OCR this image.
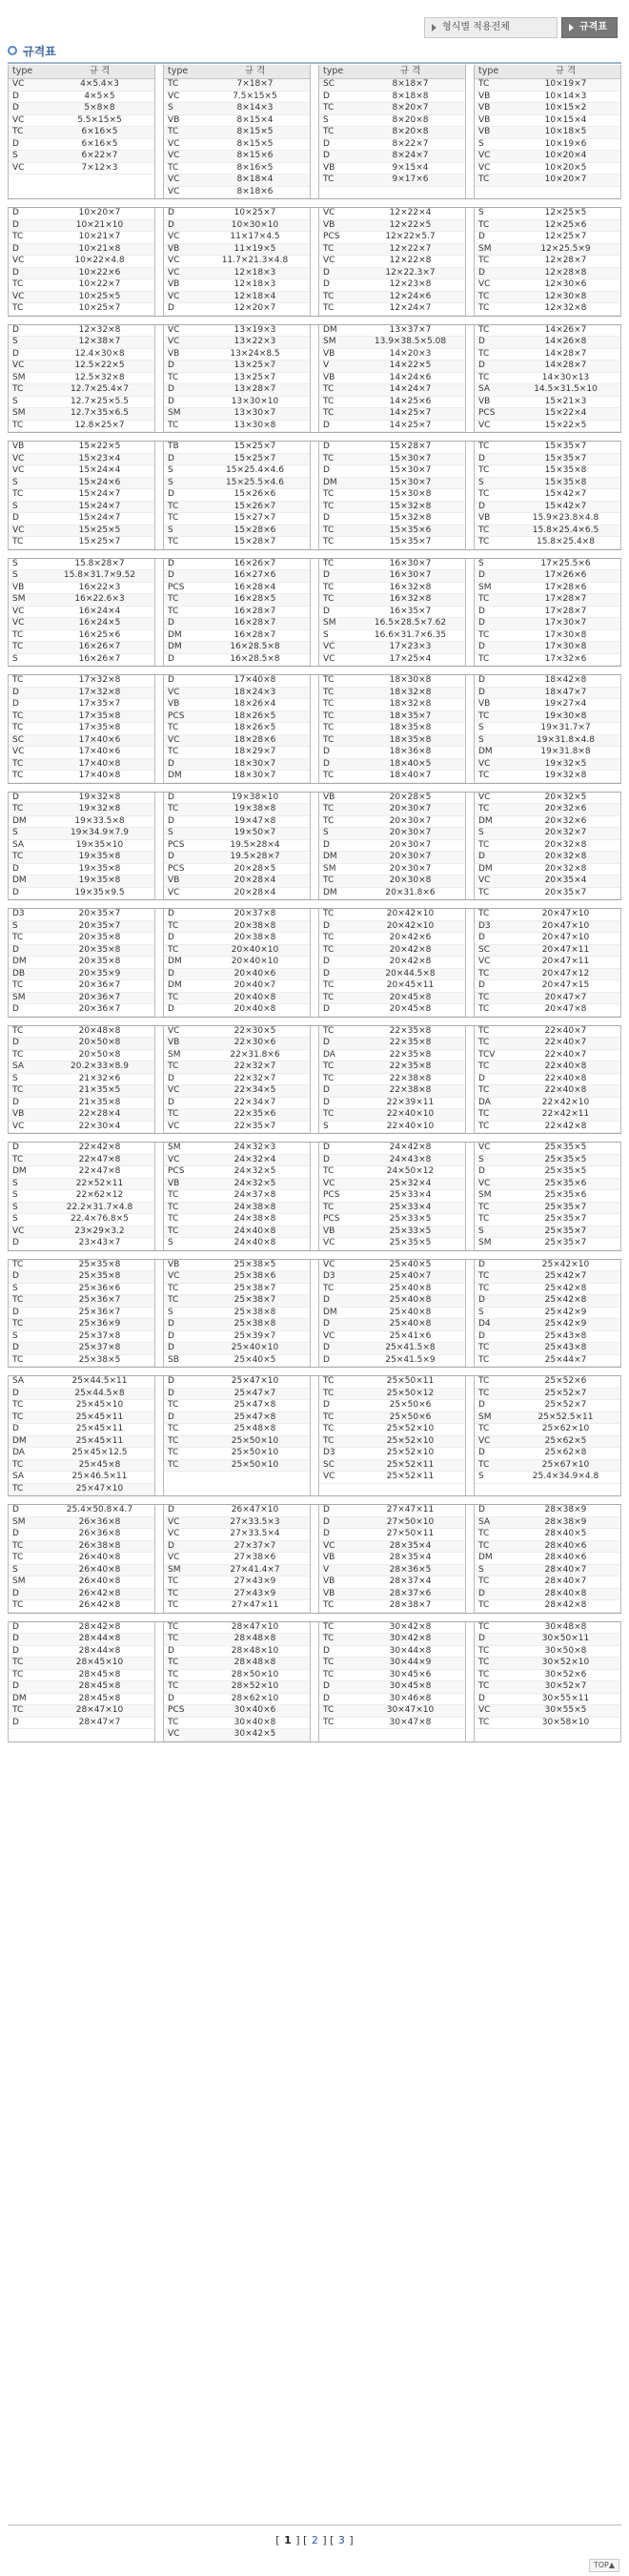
형식별 적용전체	규격표
규격표
type	규 격
VC	4×5.4×3
D	4×5×5
D	5×8×8
VC	5.5×15×5
TC	6×16×5
D	6×16×5
S	6×22×7
VC	7×12×3
type	규 격
TC	7×18×7
VC	7.5×15×5
S	8×14×3
VB	8×15×4
TC	8×15×5
VC	8×15×5
VC	8×15×6
TC	8×16×5
VC	8×18×4
VC	8×18×6
type	규 격
SC	8×18×7
D	8×18×8
TC	8×20×7
S	8×20×8
TC	8×20×8
D	8×22×7
D	8×24×7
VB	9×15×4
TC	9×17×6
type	규 격
TC	10×19×7
VB	10×14×3
VB	10×15×2
VB	10×15×4
VB	10×18×5
S	10×19×6
VC	10×20×4
VC	10×20×5
TC	10×20×7
D	10×20×7
D	10×21×10
TC	10×21×7
D	10×21×8
VC	10×22×4.8
D	10×22×6
TC	10×22×7
VC	10×25×5
TC	10×25×7
D	10×25×7
D	10×30×10
VC	11×17×4.5
VB	11×19×5
VC	11.7×21.3×4.8
VC	12×18×3
VB	12×18×3
VC	12×18×4
D	12×20×7
VC	12×22×4
VB	12×22×5
PCS	12×22×5.7
TC	12×22×7
VC	12×22×8
D	12×22.3×7
D	12×23×8
TC	12×24×6
TC	12×24×7
S	12×25×5
TC	12×25×6
D	12×25×7
SM	12×25.5×9
TC	12×28×7
D	12×28×8
VC	12×30×6
TC	12×30×8
TC	12×32×8
D	12×32×8
S	12×38×7
D	12.4×30×8
VC	12.5×22×5
SM	12.5×32×8
TC	12.7×25.4×7
S	12.7×25×5.5
SM	12.7×35×6.5
TC	12.8×25×7
VC	13×19×3
VC	13×22×3
VB	13×24×8.5
D	13×25×7
TC	13×25×7
D	13×28×7
D	13×30×10
SM	13×30×7
TC	13×30×8
DM	13×37×7
SM	13.9×38.5×5.08
VB	14×20×3
V	14×22×5
VB	14×24×6
TC	14×24×7
TC	14×25×6
TC	14×25×7
D	14×25×7
TC	14×26×7
D	14×26×8
TC	14×28×7
D	14×28×7
TC	14×30×13
SA	14.5×31.5×10
VB	15×21×3
PCS	15×22×4
VC	15×22×5
VB	15×22×5
VC	15×23×4
VC	15×24×4
S	15×24×6
TC	15×24×7
S	15×24×7
D	15×24×7
VC	15×25×5
TC	15×25×7
TB	15×25×7
D	15×25×7
S	15×25.4×4.6
S	15×25.5×4.6
D	15×26×6
TC	15×26×7
TC	15×27×7
S	15×28×6
TC	15×28×7
D	15×28×7
TC	15×30×7
D	15×30×7
DM	15×30×7
TC	15×30×8
TC	15×32×8
D	15×32×8
TC	15×35×6
TC	15×35×7
TC	15×35×7
D	15×35×7
TC	15×35×8
S	15×35×8
TC	15×42×7
D	15×42×7
VB	15.9×23.8×4.8
TC	15.8×25.4×6.5
TC	15.8×25.4×8
S	15.8×28×7
S	15.8×31.7×9.52
VB	16×22×3
SM	16×22.6×3
VC	16×24×4
VC	16×24×5
TC	16×25×6
TC	16×26×7
S	16×26×7
D	16×26×7
D	16×27×6
PCS	16×28×4
TC	16×28×5
TC	16×28×7
D	16×28×7
DM	16×28×7
DM	16×28.5×8
D	16×28.5×8
TC	16×30×7
D	16×30×7
TC	16×32×8
TC	16×32×8
D	16×35×7
SM	16.5×28.5×7.62
S	16.6×31.7×6.35
VC	17×23×3
VC	17×25×4
S	17×25.5×6
D	17×26×6
SM	17×28×6
TC	17×28×7
D	17×28×7
D	17×30×7
TC	17×30×8
D	17×30×8
TC	17×32×6
TC	17×32×8
D	17×32×8
D	17×35×7
TC	17×35×8
TC	17×35×8
SC	17×40×6
VC	17×40×6
TC	17×40×8
TC	17×40×8
D	17×40×8
VC	18×24×3
VB	18×26×4
PCS	18×26×5
TC	18×26×5
VC	18×28×6
TC	18×29×7
D	18×30×7
DM	18×30×7
TC	18×30×8
TC	18×32×8
TC	18×32×8
TC	18×35×7
TC	18×35×8
TC	18×35×8
D	18×36×8
D	18×40×5
TC	18×40×7
D	18×42×8
D	18×47×7
VB	19×27×4
TC	19×30×8
S	19×31.7×7
S	19×31.8×4.8
DM	19×31.8×8
VC	19×32×5
TC	19×32×8
D	19×32×8
TC	19×32×8
DM	19×33.5×8
S	19×34.9×7.9
SA	19×35×10
TC	19×35×8
D	19×35×8
DM	19×35×8
D	19×35×9.5
D	19×38×10
TC	19×38×8
D	19×47×8
S	19×50×7
PCS	19.5×28×4
D	19.5×28×7
PCS	20×28×5
VB	20×28×4
VC	20×28×4
VB	20×28×5
TC	20×30×7
TC	20×30×7
S	20×30×7
D	20×30×7
DM	20×30×7
SM	20×30×7
TC	20×30×8
DM	20×31.8×6
VC	20×32×5
TC	20×32×6
DM	20×32×6
S	20×32×7
TC	20×32×8
D	20×32×8
DM	20×32×8
VC	20×35×4
TC	20×35×7
D3	20×35×7
S	20×35×7
TC	20×35×8
D	20×35×8
DM	20×35×8
DB	20×35×9
TC	20×36×7
SM	20×36×7
D	20×36×7
D	20×37×8
TC	20×38×8
D	20×38×8
TC	20×40×10
DM	20×40×10
D	20×40×6
DM	20×40×7
TC	20×40×8
D	20×40×8
TC	20×42×10
D	20×42×10
TC	20×42×6
TC	20×42×8
D	20×42×8
D	20×44.5×8
TC	20×45×11
TC	20×45×8
D	20×45×8
TC	20×47×10
D3	20×47×10
D	20×47×10
SC	20×47×11
VC	20×47×11
TC	20×47×12
D	20×47×15
TC	20×47×7
TC	20×47×8
TC	20×48×8
D	20×50×8
TC	20×50×8
SA	20.2×33×8.9
S	21×32×6
TC	21×35×5
D	21×35×8
VB	22×28×4
VC	22×30×4
VC	22×30×5
VB	22×30×6
SM	22×31.8×6
TC	22×32×7
D	22×32×7
VC	22×34×5
D	22×34×7
TC	22×35×6
VC	22×35×7
TC	22×35×8
D	22×35×8
DA	22×35×8
TC	22×35×8
TC	22×38×8
D	22×38×8
D	22×39×11
TC	22×40×10
S	22×40×10
TC	22×40×7
TC	22×40×7
TCV	22×40×7
TC	22×40×8
D	22×40×8
TC	22×40×8
DA	22×42×10
TC	22×42×11
TC	22×42×8
D	22×42×8
TC	22×47×8
DM	22×47×8
S	22×52×11
S	22×62×12
S	22.2×31.7×4.8
S	22.4×76.8×5
VC	23×29×3.2
D	23×43×7
SM	24×32×3
VC	24×32×4
PCS	24×32×5
VB	24×32×5
TC	24×37×8
TC	24×38×8
TC	24×38×8
TC	24×40×8
S	24×40×8
D	24×42×8
D	24×43×8
TC	24×50×12
VC	25×32×4
PCS	25×33×4
TC	25×33×4
PCS	25×33×5
VB	25×33×5
VC	25×35×5
VC	25×35×5
S	25×35×5
D	25×35×5
VC	25×35×6
SM	25×35×6
TC	25×35×7
TC	25×35×7
S	25×35×7
SM	25×35×7
TC	25×35×8
D	25×35×8
S	25×36×6
TC	25×36×7
D	25×36×7
TC	25×36×9
S	25×37×8
D	25×37×8
TC	25×38×5
VB	25×38×5
VC	25×38×6
TC	25×38×7
TC	25×38×7
S	25×38×8
D	25×38×8
D	25×39×7
D	25×40×10
SB	25×40×5
VC	25×40×5
D3	25×40×7
TC	25×40×8
D	25×40×8
DM	25×40×8
D	25×40×8
VC	25×41×6
D	25×41.5×8
D	25×41.5×9
D	25×42×10
TC	25×42×7
TC	25×42×8
D	25×42×8
S	25×42×9
D4	25×42×9
D	25×43×8
TC	25×43×8
TC	25×44×7
SA	25×44.5×11
D	25×44.5×8
TC	25×45×10
TC	25×45×11
D	25×45×11
DM	25×45×11
DA	25×45×12.5
TC	25×45×8
SA	25×46.5×11
TC	25×47×10
D	25×47×10
D	25×47×7
TC	25×47×8
D	25×47×8
TC	25×48×8
TC	25×50×10
TC	25×50×10
TC	25×50×10
TC	25×50×11
TC	25×50×12
D	25×50×6
TC	25×50×6
TC	25×52×10
TC	25×52×10
D3	25×52×10
SC	25×52×11
VC	25×52×11
TC	25×52×6
TC	25×52×7
D	25×52×7
SM	25×52.5×11
TC	25×62×10
VC	25×62×5
D	25×62×8
TC	25×67×10
S	25.4×34.9×4.8
D	25.4×50.8×4.7
SM	26×36×8
D	26×36×8
TC	26×38×8
TC	26×40×8
S	26×40×8
SM	26×40×8
D	26×42×8
TC	26×42×8
D	26×47×10
VC	27×33.5×3
VC	27×33.5×4
D	27×37×7
VC	27×38×6
SM	27×41.4×7
TC	27×43×9
TC	27×43×9
TC	27×47×11
D	27×47×11
D	27×50×10
D	27×50×11
VC	28×35×4
VB	28×35×4
V	28×36×5
VB	28×37×4
VB	28×37×6
TC	28×38×7
D	28×38×9
SA	28×38×9
TC	28×40×5
TC	28×40×6
DM	28×40×6
S	28×40×7
TC	28×40×7
D	28×40×8
TC	28×42×8
D	28×42×8
D	28×44×8
D	28×44×8
TC	28×45×10
TC	28×45×8
D	28×45×8
DM	28×45×8
TC	28×47×10
D	28×47×7
TC	28×47×10
TC	28×48×8
D	28×48×10
TC	28×48×8
TC	28×50×10
TC	28×52×10
D	28×62×10
PCS	30×40×6
TC	30×40×8
VC	30×42×5
TC	30×42×8
TC	30×42×8
D	30×44×8
TC	30×44×9
TC	30×45×6
D	30×45×8
D	30×46×8
TC	30×47×10
TC	30×47×8
TC	30×48×8
D	30×50×11
TC	30×50×8
TC	30×52×10
TC	30×52×6
TC	30×52×7
D	30×55×11
VC	30×55×5
TC	30×58×10
[ 1 ] [ 2 ] [ 3 ]
TOP▲
